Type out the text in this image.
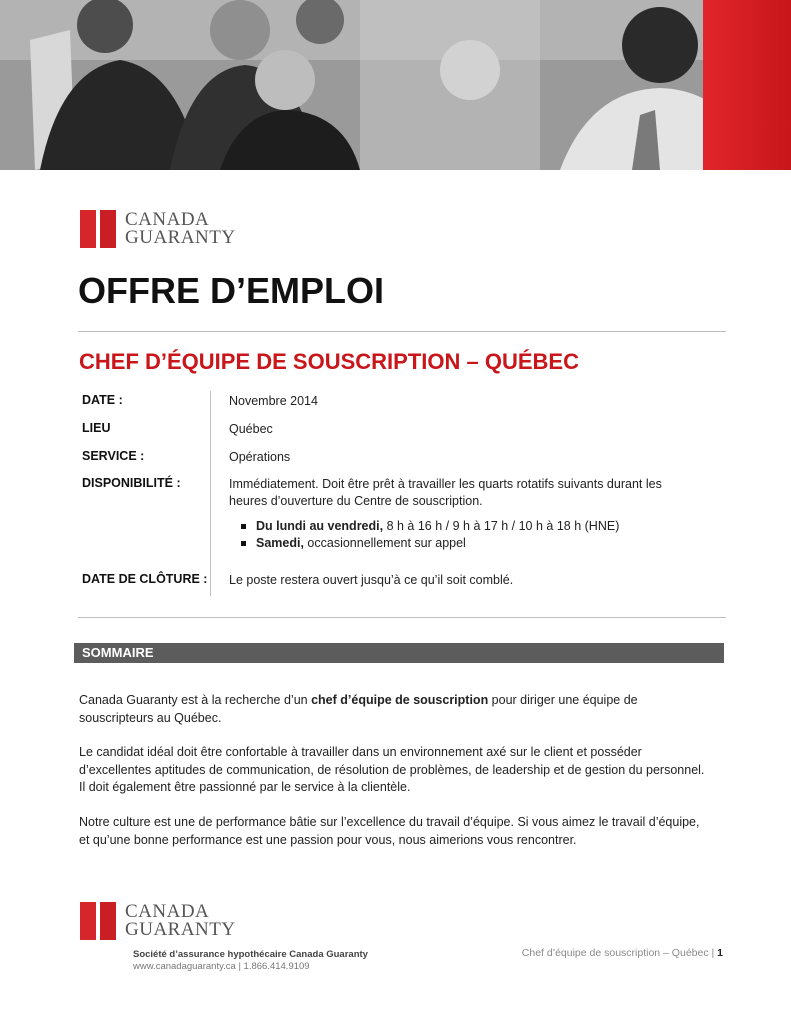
CANADA
GUARANTY
OFFRE D’EMPLOI
CHEF D’ÉQUIPE DE SOUSCRIPTION – QUÉBEC
DATE :	Novembre 2014
LIEU	Québec
SERVICE :	Opérations
DISPONIBILITÉ :	Immédiatement. Doit être prêt à travailler les quarts rotatifs suivants durant les heures d’ouverture du Centre de souscription.
Du lundi au vendredi, 8 h à 16 h / 9 h à 17 h / 10 h à 18 h (HNE)
Samedi, occasionnellement sur appel
DATE DE CLÔTURE :	Le poste restera ouvert jusqu’à ce qu’il soit comblé.
SOMMAIRE

Canada Guaranty est à la recherche d’un chef d’équipe de souscription pour diriger une équipe de souscripteurs au Québec.

Le candidat idéal doit être confortable à travailler dans un environnement axé sur le client et posséder d’excellentes aptitudes de communication, de résolution de problèmes, de leadership et de gestion du personnel. Il doit également être passionné par le service à la clientèle.

Notre culture est une de performance bâtie sur l’excellence du travail d’équipe. Si vous aimez le travail d’équipe, et qu’une bonne performance est une passion pour vous, nous aimerions vous rencontrer.

CANADA
GUARANTY
Société d’assurance hypothécaire Canada Guaranty
www.canadaguaranty.ca | 1.866.414.9109
Chef d’équipe de souscription – Québec | 1
